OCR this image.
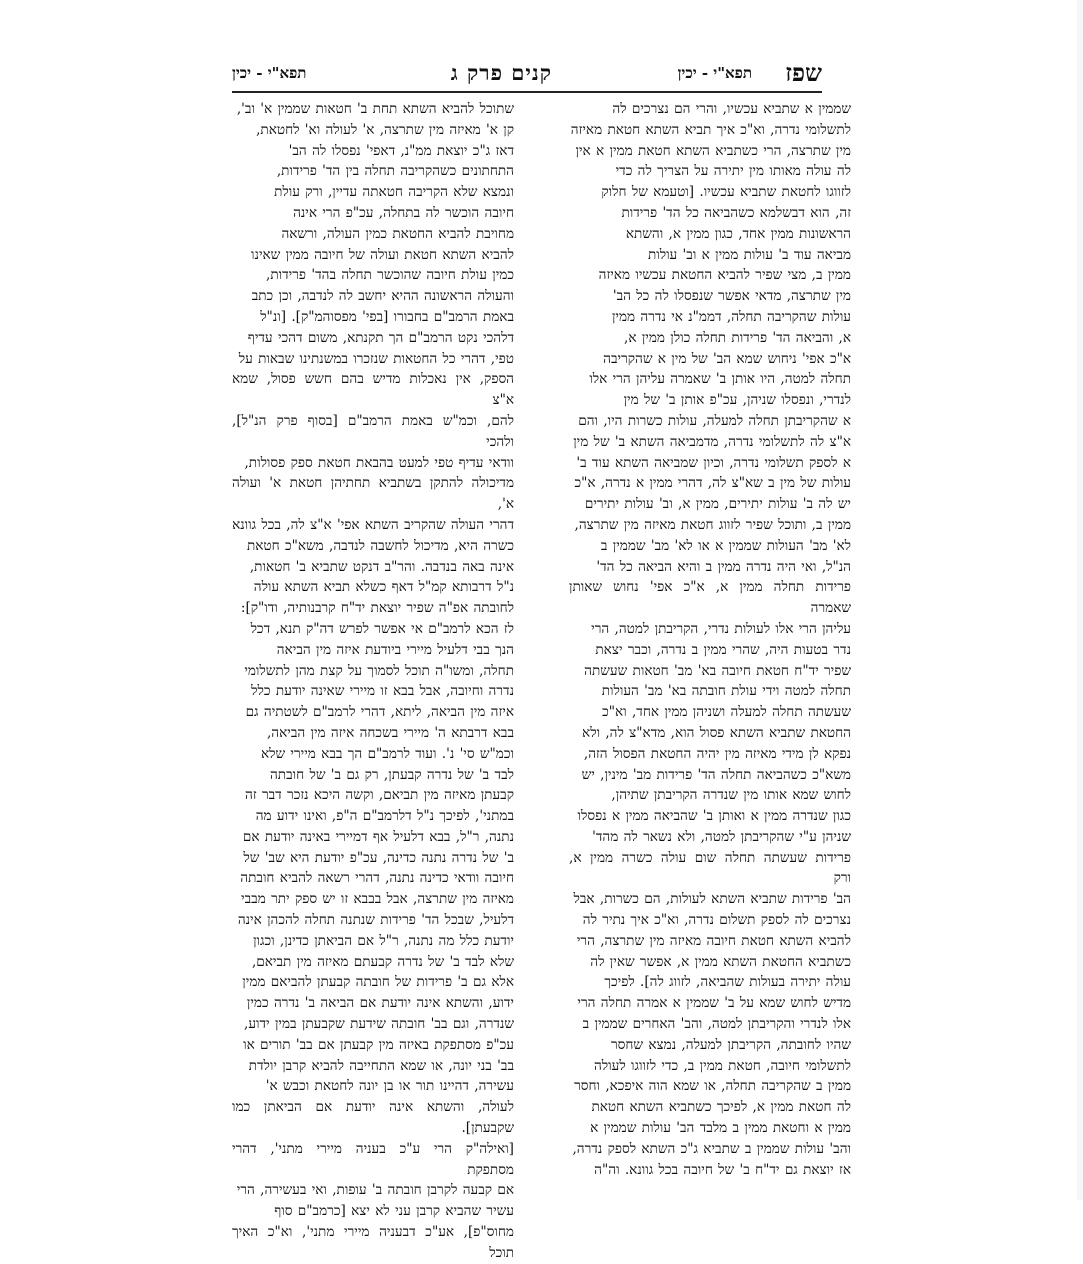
שפז
תפא"י - יכין
קנים פרק ג
תפא"י - יכין
שממין א שתביא עכשיו, והרי הם נצרכים לה
לתשלומי נדרה, וא"כ איך תביא השתא חטאת מאיזה
מין שתרצה, הרי כשתביא השתא חטאת ממין א אין
לה עולה מאותו מין יתירה על הצריך לה כדי
לזווגו לחטאת שתביא עכשיו. [וטעמא של חלוק
זה, הוא דבשלמא כשהביאה כל הד' פרידות
הראשונות ממין אחד, כגון ממין א, והשתא
מביאה עוד ב' עולות ממין א וב' עולות
ממין ב, מצי שפיר להביא החטאת עכשיו מאיזה
מין שתרצה, מדאי אפשר שנפסלו לה כל הב'
עולות שהקריבה תחלה, דממ"נ אי נדרה ממין
א, והביאה הד' פרידות תחלה כולן ממין א,
א"כ אפי' ניחוש שמא הב' של מין א שהקריבה
תחלה למטה, היו אותן ב' שאמרה עליהן הרי אלו
לנדרי, ונפסלו שניהן, עכ"פ אותן ב' של מין
א שהקריבתן תחלה למעלה, עולות כשרות היו, והם
א"צ לה לתשלומי נדרה, מדמביאה השתא ב' של מין
א לספק תשלומי נדרה, וכיון שמביאה השתא עוד ב'
עולות של מין ב שא"צ לה, דהרי ממין א נדרה, א"כ
יש לה ב' עולות יתירים, ממין א, וב' עולות יתירים
ממין ב, ותוכל שפיר לזווג חטאת מאיזה מין שתרצה,
לא' מב' העולות שממין א או לא' מב' שממין ב
הנ"ל, ואי היה נדרה ממין ב והיא הביאה כל הד'
פרידות תחלה ממין א, א"כ אפי' נחוש שאותן שאמרה
עליהן הרי אלו לעולות נדרי, הקריבתן למטה, הרי
נדר בטעות היה, שהרי ממין ב נדרה, וכבר יצאת
שפיר יד"ח חטאת חיובה בא' מב' חטאות שעשתה
תחלה למטה וידי עולת חובתה בא' מב' העולות
שעשתה תחלה למעלה ושניהן ממין אחד, וא"כ
החטאת שתביא השתא פסול הוא, מדא"צ לה, ולא
נפקא לן מידי מאיזה מין יהיה החטאת הפסול הזה,
משא"כ כשהביאה תחלה הד' פרידות מב' מינין, יש
לחוש שמא אותו מין שנדרה הקריבתן שתיהן,
כגון שנדרה ממין א ואותן ב' שהביאה ממין א נפסלו
שניהן ע"י שהקריבתן למטה, ולא נשאר לה מהד'
פרידות שעשתה תחלה שום עולה כשרה ממין א, ורק
הב' פרידות שתביא השתא לעולות, הם כשרות, אבל
נצרכים לה לספק תשלום נדרה, וא"כ איך נתיר לה
להביא השתא חטאת חיובה מאיזה מין שתרצה, הרי
כשתביא החטאת השתא ממין א, אפשר שאין לה
עולה יתירה בעולות שהביאה, לזווג לה]. לפיכך
מדיש לחוש שמא על ב' שממין א אמרה תחלה הרי
אלו לנדרי והקריבתן למטה, והב' האחרים שממין ב
שהיו לחובתה, הקריבתן למעלה, נמצא שחסר
לתשלומי חיובה, חטאת ממין ב, כדי לזווגו לעולה
ממין ב שהקריבה תחלה, או שמא הוה איפכא, וחסר
לה חטאת ממין א, לפיכך כשתביא השתא חטאת
ממין א וחטאת ממין ב מלבד הב' עולות שממין א
והב' עולות שממין ב שתביא ג"כ השתא לספק נדרה,
אז יוצאת גם יד"ח ב' של חיובה בכל גוונא. וה"ה
שתוכל להביא השתא תחת ב' חטאות שממין א' וב',
קן א' מאיזה מין שתרצה, א' לעולה וא' לחטאת,
דאז ג"כ יוצאת ממ"נ, דאפי' נפסלו לה הב'
התחתונים כשהקריבה תחלה בין הד' פרידות,
ונמצא שלא הקריבה חטאתה עדיין, ורק עולת
חיובה הוכשר לה בתחלה, עכ"פ הרי אינה
מחויבת להביא החטאת כמין העולה, ורשאה
להביא השתא חטאת ועולה של חיובה ממין שאינו
כמין עולת חיובה שהוכשר תחלה בהד' פרידות,
והעולה הראשונה ההיא יחשב לה לנדבה, וכן כתב
באמת הרמב"ם בחבורו [בפי' מפסוהמ"ק]. [ונ"ל
דלהכי נקט הרמב"ם הך תקנתא, משום דהכי עדיף
טפי, דהרי כל החטאות שנזכרו במשנתינו שבאות על
הספק, אין נאכלות מדיש בהם חשש פסול, שמא א"צ
להם, וכמ"ש באמת הרמב"ם [בסוף פרק הנ"ל], ולהכי
וודאי עדיף טפי למעט בהבאת חטאת ספק פסולות,
מדיכולה להתקן בשתביא תחתיהן חטאת א' ועולה א',
דהרי העולה שהקריב השתא אפי' א"צ לה, בכל גוונא
כשרה היא, מדיכול לחשבה לנדבה, משא"כ חטאת
אינה באה בנדבה. והר"ב דנקט שתביא ב' חטאות,
נ"ל דרבותא קמ"ל דאף כשלא תביא השתא עולה
לחובתה אפ"ה שפיר יוצאת יד"ח קרבנותיה, ודו"ק]:
לז הכא לרמב"ם אי אפשר לפרש דה"ק תנא, דכל
הנך בבי דלעיל מיירי ביודעת איזה מין הביאה
תחלה, ומשו"ה תוכל לסמוך על קצת מהן לתשלומי
נדרה וחיובה, אבל בבא זו מיירי שאינה יודעת כלל
איזה מין הביאה, ליתא, דהרי לרמב"ם לשטתיה גם
בבא דרבתא ה' מיירי בשכחה איזה מין הביאה,
וכמ"ש סי' נ'. ועוד לרמב"ם הך בבא מיירי שלא
לבד ב' של נדרה קבעתן, רק גם ב' של חובתה
קבעתן מאיזה מין תביאם, וקשה היכא נזכר דבר זה
במתני', לפיכך נ"ל דלרמב"ם ה"פ, ואינו ידוע מה
נתנה, ר"ל, בבא דלעיל אף דמיירי באינה יודעת אם
ב' של נדרה נתנה כדינה, עכ"פ יודעת היא שב' של
חיובה וודאי כדינה נתנה, דהרי רשאה להביא חובתה
מאיזה מין שתרצה, אבל בבבא זו יש ספק יתר מבבי
דלעיל, שבכל הד' פרידות שנתנה תחלה להכהן אינה
יודעת כלל מה נתנה, ר"ל אם הביאתן כדינן, וכגון
שלא לבד ב' של נדרה קבעתם מאיזה מין תביאם,
אלא גם ב' פרידות של חובתה קבעתן להביאם ממין
ידוע, והשתא אינה יודעת אם הביאה ב' נדרה כמין
שנדרה, וגם בב' חובתה שידעת שקבעתן במין ידוע,
עכ"פ מסתפקת באיזה מין קבעתן אם בב' תורים או
בב' בני יונה, או שמא התחייבה להביא קרבן יולדת
עשירה, דהיינו תור או בן יונה לחטאת וכבש א'
לעולה, והשתא אינה יודעת אם הביאתן כמו שקבעתן].
[ואילה"ק הרי ע"כ בעניה מיירי מתני', דהרי מסתפקת
אם קבעה לקרבן חובתה ב' עופות, ואי בעשירה, הרי
עשיר שהביא קרבן עני לא יצא [כרמב"ם סוף
מחוס"פ], אע"כ דבעניה מיירי מתני', וא"כ האיך תוכל
